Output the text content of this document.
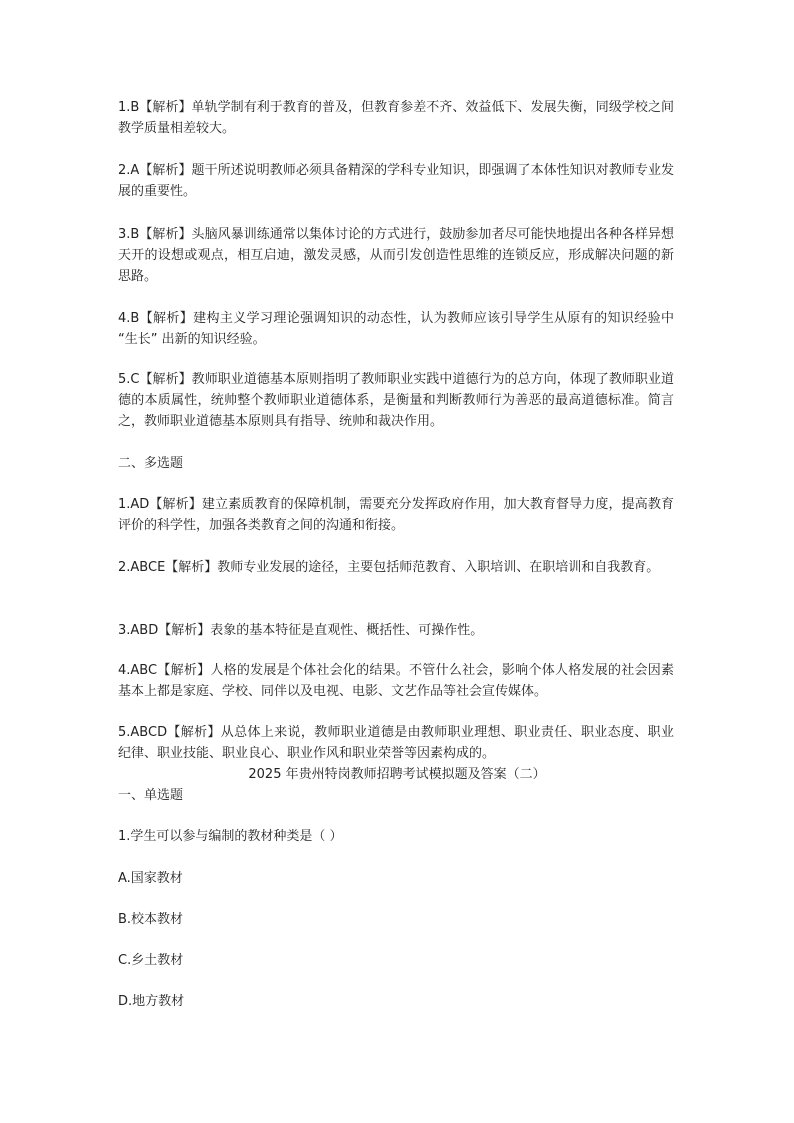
1.B【解析】单轨学制有利于教育的普及，但教育参差不齐、效益低下、发展失衡，同级学校之间教学质量相差较大。

2.A【解析】题干所述说明教师必须具备精深的学科专业知识，即强调了本体性知识对教师专业发展的重要性。

3.B【解析】头脑风暴训练通常以集体讨论的方式进行，鼓励参加者尽可能快地提出各种各样异想天开的设想或观点，相互启迪，激发灵感，从而引发创造性思维的连锁反应，形成解决问题的新思路。

4.B【解析】建构主义学习理论强调知识的动态性，认为教师应该引导学生从原有的知识经验中 “生长” 出新的知识经验。

5.C【解析】教师职业道德基本原则指明了教师职业实践中道德行为的总方向，体现了教师职业道德的本质属性，统帅整个教师职业道德体系，是衡量和判断教师行为善恶的最高道德标准。简言之，教师职业道德基本原则具有指导、统帅和裁决作用。

二、多选题

1.AD【解析】建立素质教育的保障机制，需要充分发挥政府作用，加大教育督导力度，提高教育评价的科学性，加强各类教育之间的沟通和衔接。

2.ABCE【解析】教师专业发展的途径，主要包括师范教育、入职培训、在职培训和自我教育。

3.ABD【解析】表象的基本特征是直观性、概括性、可操作性。

4.ABC【解析】人格的发展是个体社会化的结果。不管什么社会，影响个体人格发展的社会因素基本上都是家庭、学校、同伴以及电视、电影、文艺作品等社会宣传媒体。

5.ABCD【解析】从总体上来说，教师职业道德是由教师职业理想、职业责任、职业态度、职业纪律、职业技能、职业良心、职业作风和职业荣誉等因素构成的。

2025 年贵州特岗教师招聘考试模拟题及答案（二）

一、单选题

1.学生可以参与编制的教材种类是（ ）

A.国家教材

B.校本教材

C.乡土教材

D.地方教材
